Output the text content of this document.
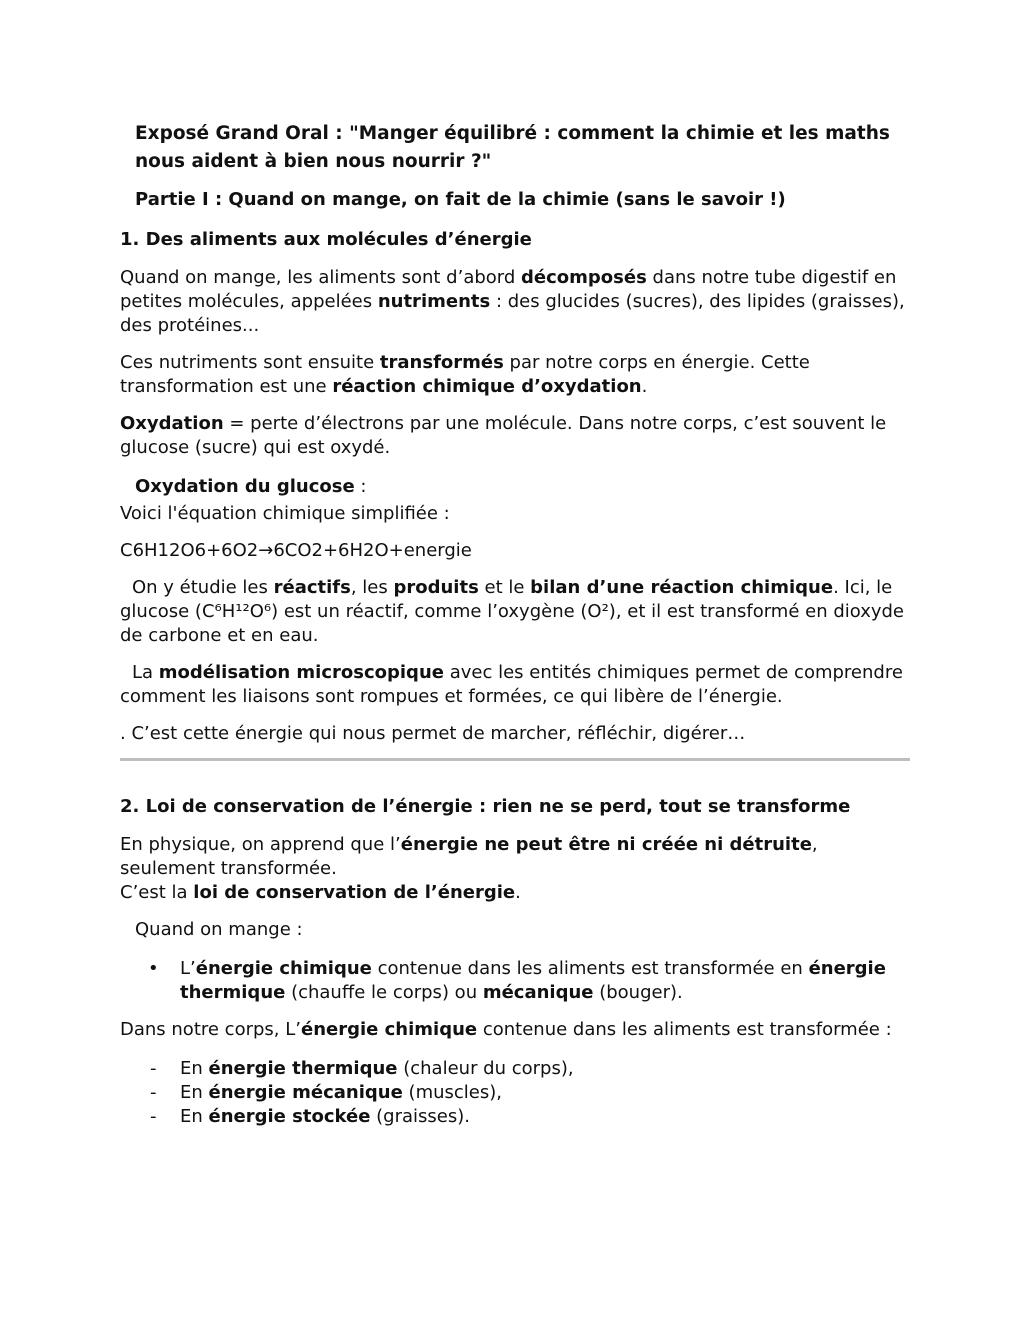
Exposé Grand Oral : "Manger équilibré : comment la chimie et les maths nous aident à bien nous nourrir ?"

Partie I : Quand on mange, on fait de la chimie (sans le savoir !)

1. Des aliments aux molécules d’énergie

Quand on mange, les aliments sont d’abord décomposés dans notre tube digestif en petites molécules, appelées nutriments : des glucides (sucres), des lipides (graisses), des protéines...

Ces nutriments sont ensuite transformés par notre corps en énergie. Cette transformation est une réaction chimique d’oxydation.

Oxydation = perte d’électrons par une molécule. Dans notre corps, c’est souvent le glucose (sucre) qui est oxydé.

Oxydation du glucose :

Voici l'équation chimique simplifiée :

C6H12O6+6O2→6CO2+6H2O+energie

On y étudie les réactifs, les produits et le bilan d’une réaction chimique. Ici, le glucose (C⁶H¹²O⁶) est un réactif, comme l’oxygène (O²), et il est transformé en dioxyde de carbone et en eau.

La modélisation microscopique avec les entités chimiques permet de comprendre comment les liaisons sont rompues et formées, ce qui libère de l’énergie.

. C’est cette énergie qui nous permet de marcher, réfléchir, digérer…

2. Loi de conservation de l’énergie : rien ne se perd, tout se transforme

En physique, on apprend que l’énergie ne peut être ni créée ni détruite, seulement transformée.

C’est la loi de conservation de l’énergie.

Quand on mange :

• L’énergie chimique contenue dans les aliments est transformée en énergie thermique (chauffe le corps) ou mécanique (bouger).

Dans notre corps, L’énergie chimique contenue dans les aliments est transformée :

- En énergie thermique (chaleur du corps),
- En énergie mécanique (muscles),
- En énergie stockée (graisses).
